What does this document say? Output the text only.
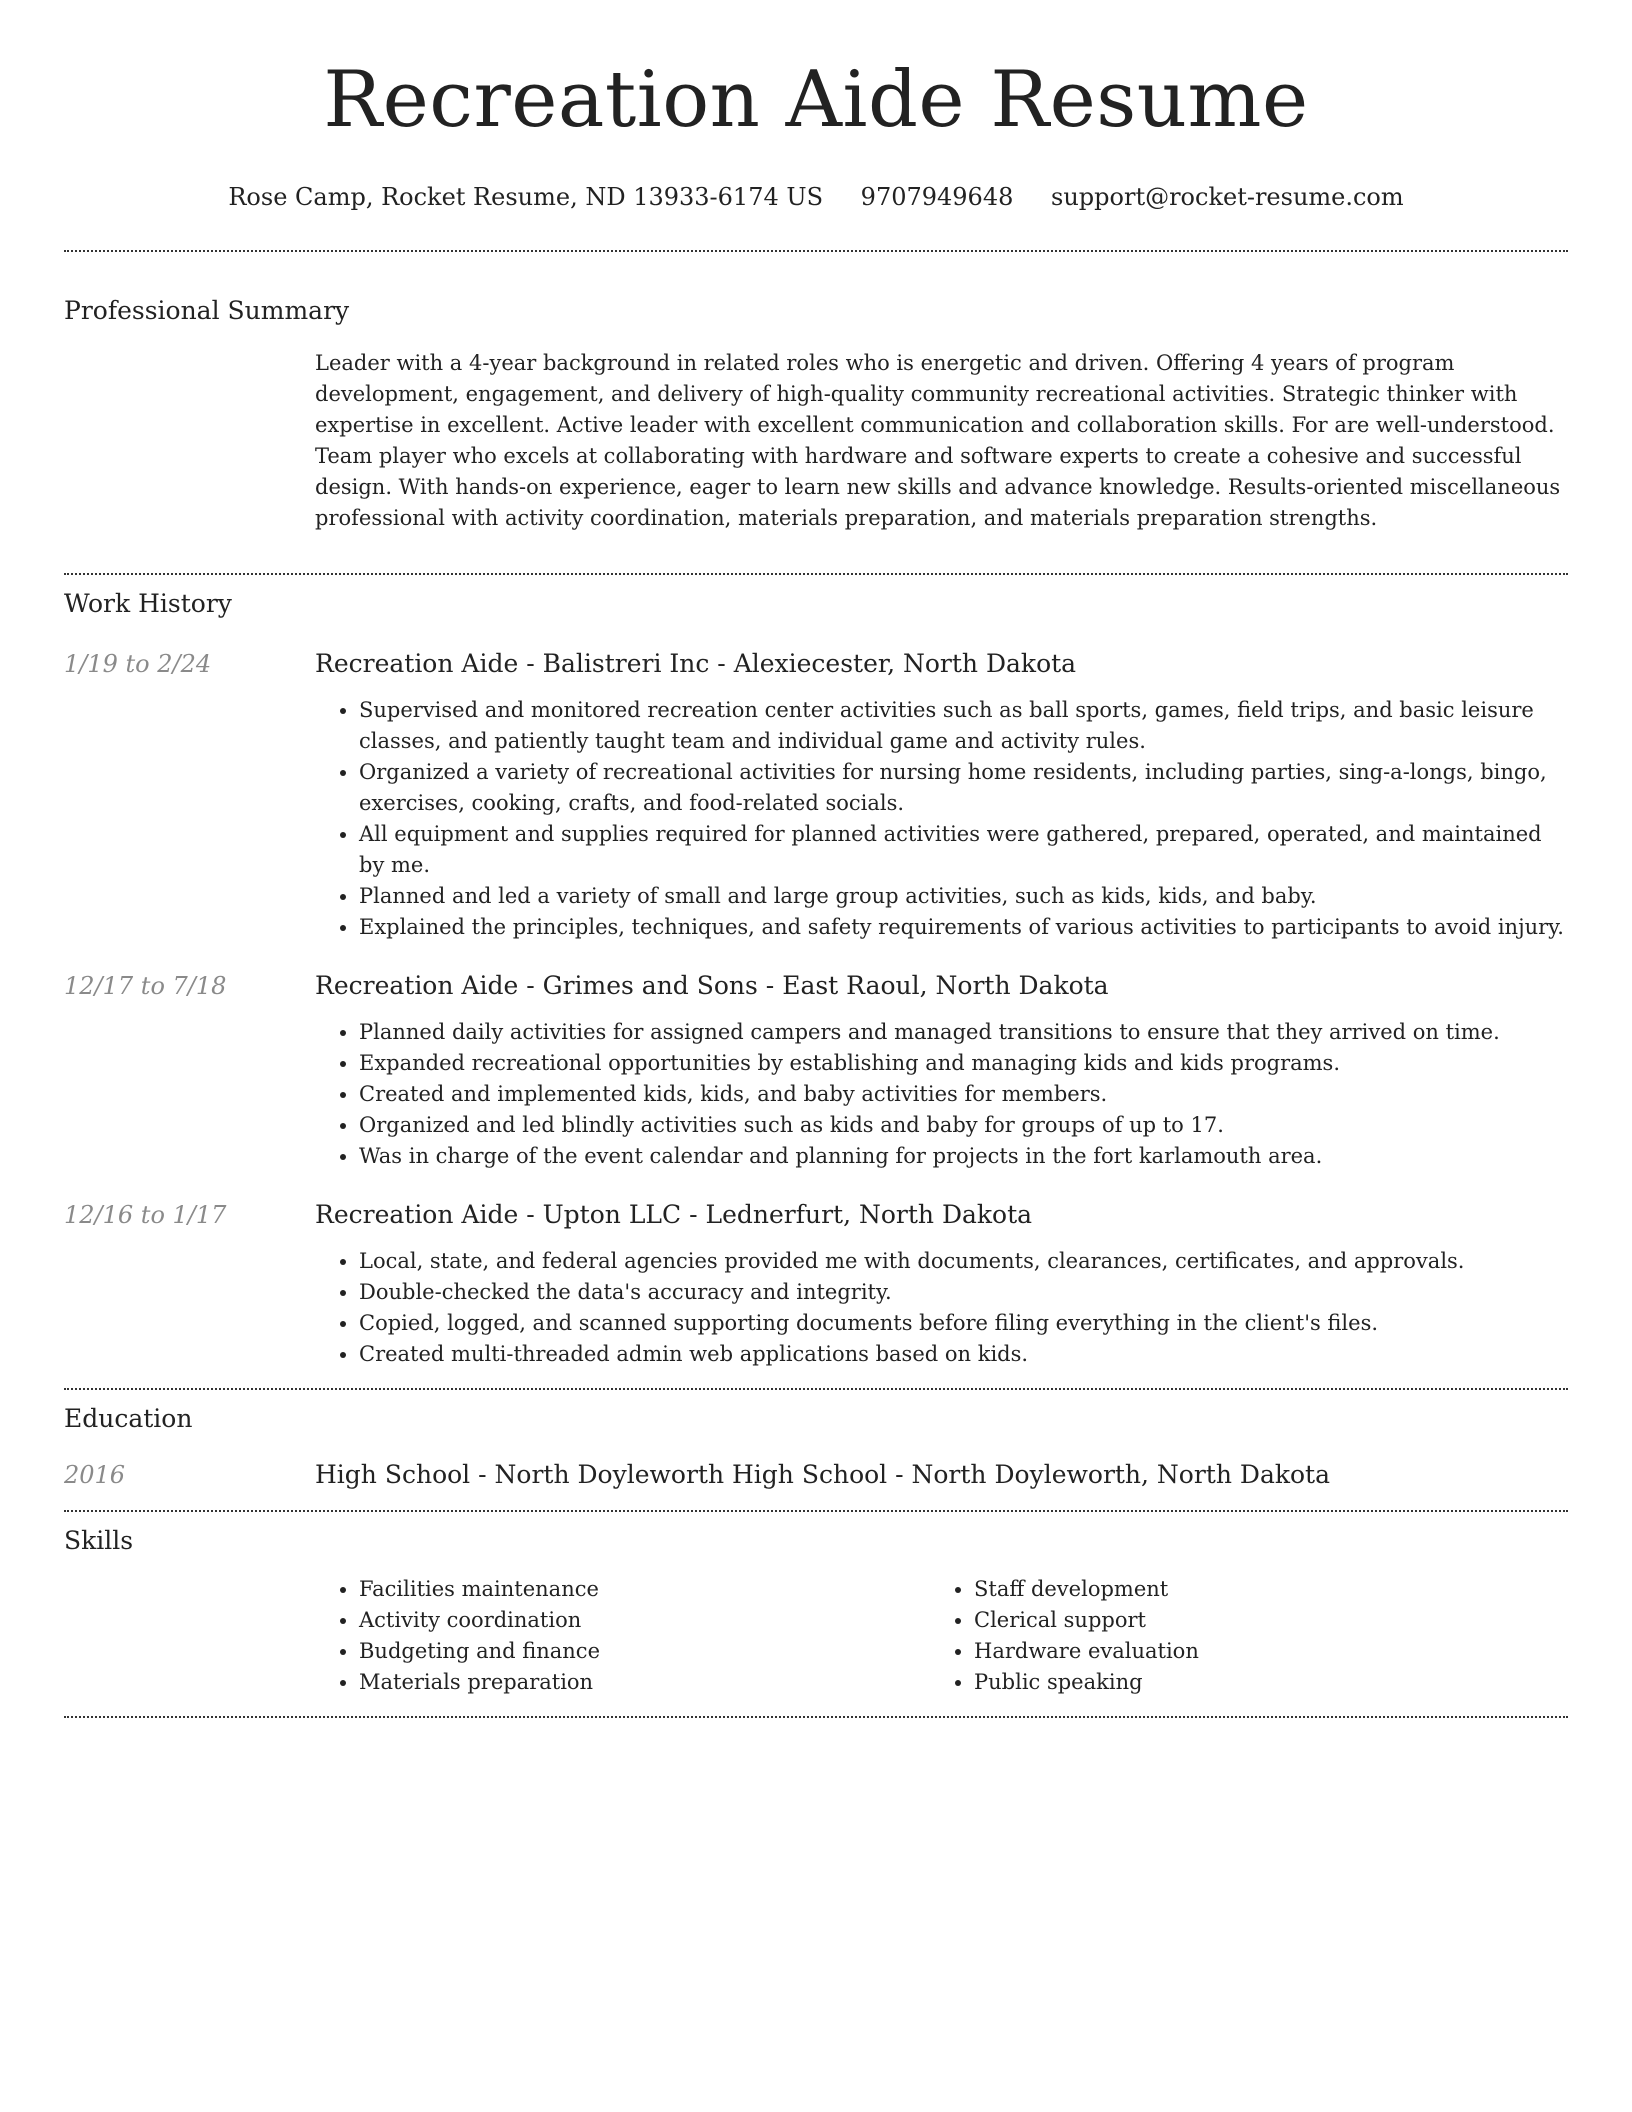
Recreation Aide Resume
Rose Camp, Rocket Resume, ND 13933-6174 US 9707949648 support@rocket-resume.com
Professional Summary

Leader with a 4-year background in related roles who is energetic and driven. Offering 4 years of program development, engagement, and delivery of high-quality community recreational activities. Strategic thinker with expertise in excellent. Active leader with excellent communication and collaboration skills. For are well-understood. Team player who excels at collaborating with hardware and software experts to create a cohesive and successful design. With hands-on experience, eager to learn new skills and advance knowledge. Results-oriented miscellaneous professional with activity coordination, materials preparation, and materials preparation strengths.

Work History
1/19 to 2/24	Recreation Aide - Balistreri Inc - Alexiecester, North Dakota
• Supervised and monitored recreation center activities such as ball sports, games, field trips, and basic leisure classes, and patiently taught team and individual game and activity rules.
• Organized a variety of recreational activities for nursing home residents, including parties, sing-a-longs, bingo, exercises, cooking, crafts, and food-related socials.
• All equipment and supplies required for planned activities were gathered, prepared, operated, and maintained by me.
• Planned and led a variety of small and large group activities, such as kids, kids, and baby.
• Explained the principles, techniques, and safety requirements of various activities to participants to avoid injury.
12/17 to 7/18	Recreation Aide - Grimes and Sons - East Raoul, North Dakota
• Planned daily activities for assigned campers and managed transitions to ensure that they arrived on time.
• Expanded recreational opportunities by establishing and managing kids and kids programs.
• Created and implemented kids, kids, and baby activities for members.
• Organized and led blindly activities such as kids and baby for groups of up to 17.
• Was in charge of the event calendar and planning for projects in the fort karlamouth area.
12/16 to 1/17	Recreation Aide - Upton LLC - Lednerfurt, North Dakota
• Local, state, and federal agencies provided me with documents, clearances, certificates, and approvals.
• Double-checked the data's accuracy and integrity.
• Copied, logged, and scanned supporting documents before filing everything in the client's files.
• Created multi-threaded admin web applications based on kids.
Education
2016	High School - North Doyleworth High School - North Doyleworth, North Dakota
Skills
• Facilities maintenance
• Activity coordination
• Budgeting and finance
• Materials preparation
• Staff development
• Clerical support
• Hardware evaluation
• Public speaking
